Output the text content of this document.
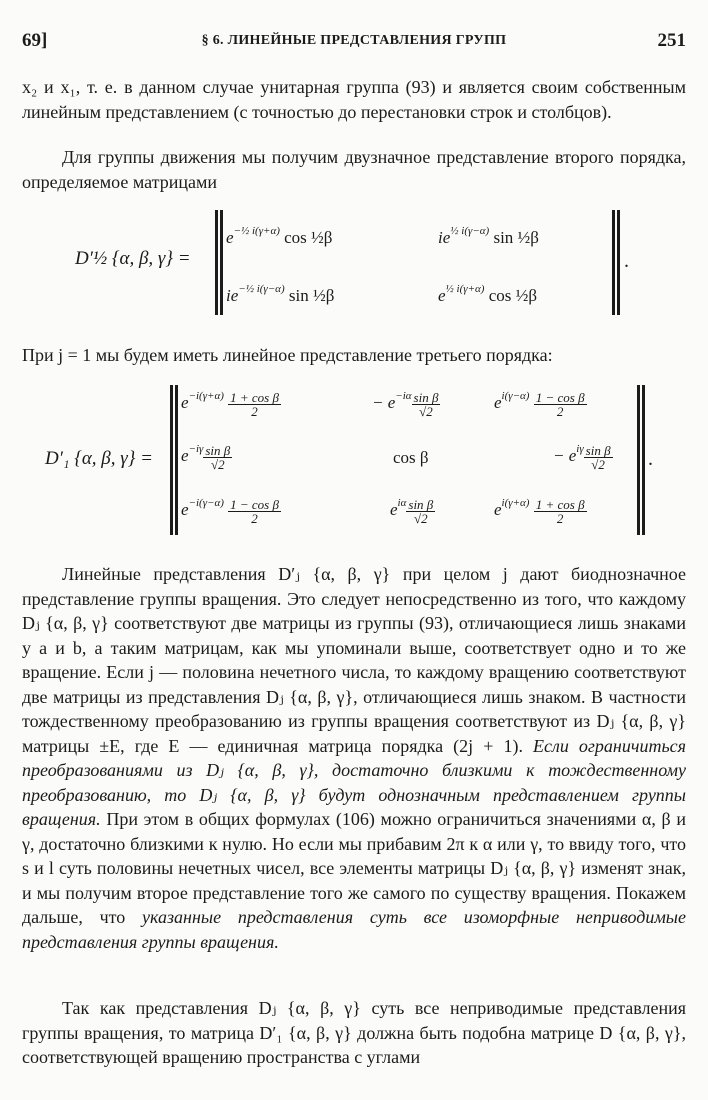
69]	§ 6. ЛИНЕЙНЫЕ ПРЕДСТАВЛЕНИЯ ГРУПП	251
x₂ и x₁, т. е. в данном случае унитарная группа (93) и является своим собственным линейным представлением (с точностью до перестановки строк и столбцов).
Для группы движения мы получим двузначное представление второго порядка, определяемое матрицами
D′½ {α, β, γ} =
$e^{-\frac{1}{2} i(\gamma+\alpha)}$ cos ½β	$ie^{\frac{1}{2} i(\gamma-\alpha)}$ sin ½β
$ie^{-\frac{1}{2} i(\gamma-\alpha)}$ sin ½β	$e^{\frac{1}{2} i(\gamma+\alpha)}$ cos ½β
.
При j = 1 мы будем иметь линейное представление третьего порядка:
D′₁ {α, β, γ} =
$e^{-i(\gamma+\alpha)} \frac{\text{1 + cos β}}{2}$	− $e^{-i\alpha} \frac{\text{sin β}}{√2}$	$e^{i(\gamma-\alpha)} \frac{\text{1 − cos β}}{2}$
$e^{-i\gamma} \frac{\text{sin β}}{√2}$	cos β	− $e^{i\gamma} \frac{\text{sin β}}{√2}$
$e^{-i(\gamma-\alpha)} \frac{\text{1 − cos β}}{2}$	$e^{i\alpha} \frac{\text{sin β}}{√2}$	$e^{i(\gamma+\alpha)} \frac{\text{1 + cos β}}{2}$
.
Линейные представления D′ⱼ {α, β, γ} при целом j дают биоднозначное представление группы вращения. Это следует непосредственно из того, что каждому Dⱼ {α, β, γ} соответствуют две матрицы из группы (93), отличающиеся лишь знаками у a и b, а таким матрицам, как мы упоминали выше, соответствует одно и то же вращение. Если j — половина нечетного числа, то каждому вращению соответствуют две матрицы из представления Dⱼ {α, β, γ}, отличающиеся лишь знаком. В частности тождественному преобразованию из группы вращения соответствуют из Dⱼ {α, β, γ} матрицы ±E, где E — единичная матрица порядка (2j + 1). Если ограничиться преобразованиями из Dⱼ {α, β, γ}, достаточно близкими к тождественному преобразованию, то Dⱼ {α, β, γ} будут однозначным представлением группы вращения. При этом в общих формулах (106) можно ограничиться значениями α, β и γ, достаточно близкими к нулю. Но если мы прибавим 2π к α или γ, то ввиду того, что s и l суть половины нечетных чисел, все элементы матрицы Dⱼ {α, β, γ} изменят знак, и мы получим второе представление того же самого по существу вращения. Покажем дальше, что указанные представления суть все изоморфные неприводимые представления группы вращения.
Так как представления Dⱼ {α, β, γ} суть все неприводимые представления группы вращения, то матрица D′₁ {α, β, γ} должна быть подобна матрице D {α, β, γ}, соответствующей вращению пространства с углами
